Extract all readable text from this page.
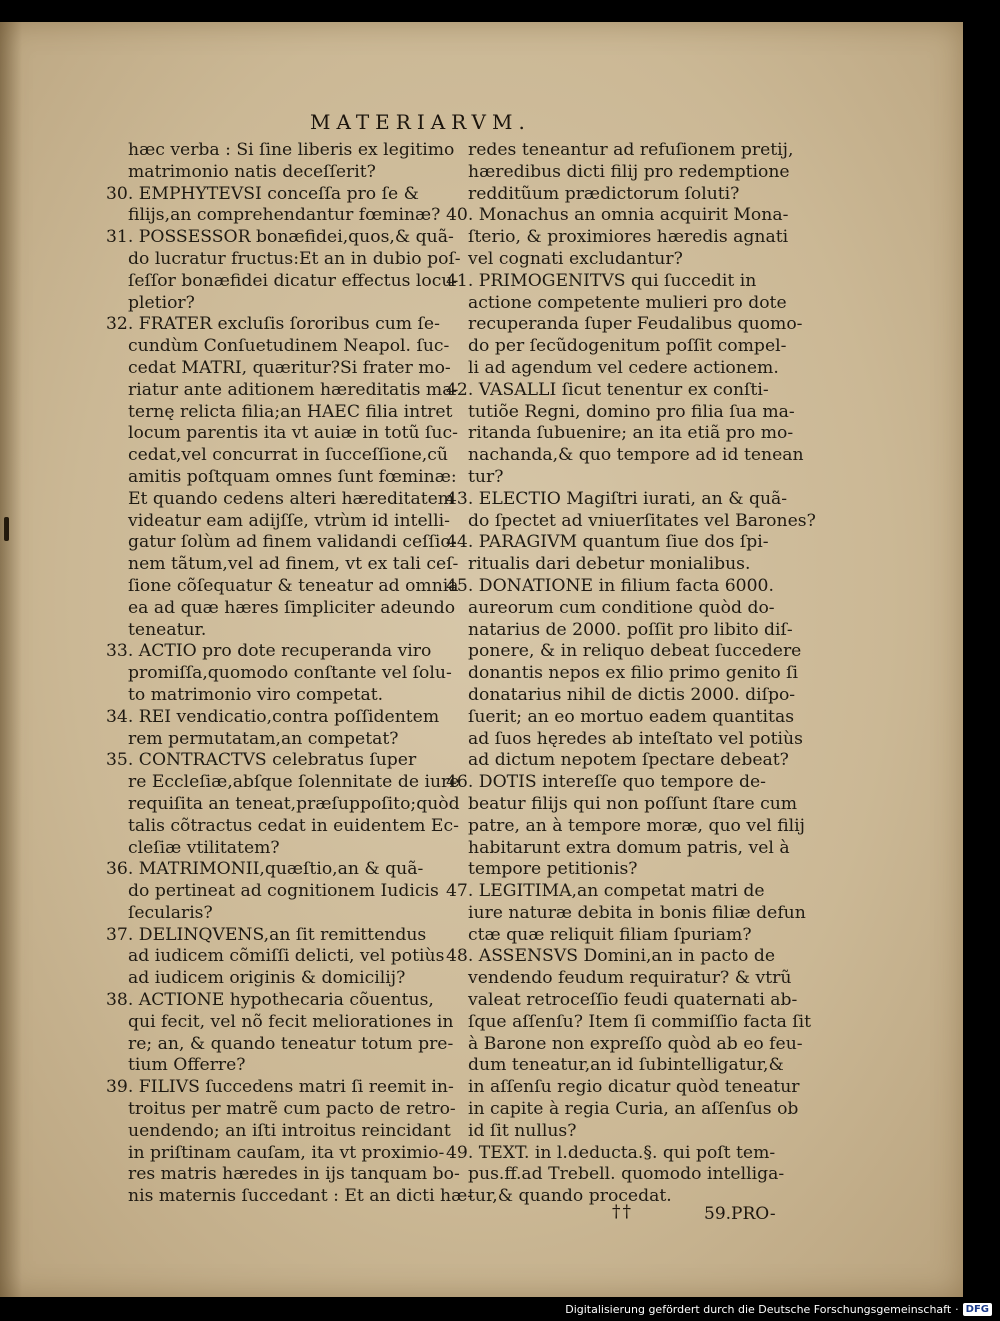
MATERIARVM.
hæc verba : Si ſine liberis ex legitimo
matrimonio natis deceſſerit?
30. EMPHYTEVSI conceſſa pro ſe &
filijs,an comprehendantur fœminæ?
31. POSSESSOR bonæfidei,quos,& quã-
do lucratur fructus:Et an in dubio poſ-
ſeſſor bonæfidei dicatur effectus locu-
pletior?
32. FRATER excluſis ſororibus cum ſe-
cundùm Conſuetudinem Neapol. ſuc-
cedat MATRI, quæritur?Si frater mo-
riatur ante aditionem hæreditatis ma-
ternę relicta filia;an HAEC filia intret
locum parentis ita vt auiæ in totũ ſuc-
cedat,vel concurrat in ſucceſſione,cũ
amitis poſtquam omnes ſunt fœminæ:
Et quando cedens alteri hæreditatem
videatur eam adijſſe, vtrùm id intelli-
gatur ſolùm ad finem validandi ceſſio-
nem tãtum,vel ad finem, vt ex tali ceſ-
ſione cõſequatur & teneatur ad omnia
ea ad quæ hæres ſimpliciter adeundo
teneatur.
33. ACTIO pro dote recuperanda viro
promiſſa,quomodo conſtante vel ſolu-
to matrimonio viro competat.
34. REI vendicatio,contra poſſidentem
rem permutatam,an competat?
35. CONTRACTVS celebratus ſuper
re Eccleſiæ,abſque ſolennitate de iure
requiſita an teneat,præſuppoſito;quòd
talis cõtractus cedat in euidentem Ec-
cleſiæ vtilitatem?
36. MATRIMONII,quæſtio,an & quã-
do pertineat ad cognitionem Iudicis
ſecularis?
37. DELINQVENS,an ſit remittendus
ad iudicem cõmiſſi delicti, vel potiùs
ad iudicem originis & domicilij?
38. ACTIONE hypothecaria cõuentus,
qui fecit, vel nõ fecit meliorationes in
re; an, & quando teneatur totum pre-
tium Offerre?
39. FILIVS ſuccedens matri ſi reemit in-
troitus per matrẽ cum pacto de retro-
uendendo; an iſti introitus reincidant
in priſtinam cauſam, ita vt proximio-
res matris hæredes in ijs tanquam bo-
nis maternis ſuccedant : Et an dicti hæ-
redes teneantur ad refuſionem pretij,
hæredibus dicti filij pro redemptione
redditũum prædictorum ſoluti?
40. Monachus an omnia acquirit Mona-
ſterio, & proximiores hæredis agnati
vel cognati excludantur?
41. PRIMOGENITVS qui ſuccedit in
actione competente mulieri pro dote
recuperanda ſuper Feudalibus quomo-
do per ſecũdogenitum poſſit compel-
li ad agendum vel cedere actionem.
42. VASALLI ſicut tenentur ex conſti-
tutiõe Regni, domino pro filia ſua ma-
ritanda ſubuenire; an ita etiã pro mo-
nachanda,& quo tempore ad id tenean
tur?
43. ELECTIO Magiſtri iurati, an & quã-
do ſpectet ad vniuerſitates vel Barones?
44. PARAGIVM quantum ſiue dos ſpi-
ritualis dari debetur monialibus.
45. DONATIONE in filium facta 6000.
aureorum cum conditione quòd do-
natarius de 2000. poſſit pro libito diſ-
ponere, & in reliquo debeat ſuccedere
donantis nepos ex filio primo genito ſi
donatarius nihil de dictis 2000. diſpo-
ſuerit; an eo mortuo eadem quantitas
ad ſuos hęredes ab inteſtato vel potiùs
ad dictum nepotem ſpectare debeat?
46. DOTIS intereſſe quo tempore de-
beatur filijs qui non poſſunt ſtare cum
patre, an à tempore moræ, quo vel filij
habitarunt extra domum patris, vel à
tempore petitionis?
47. LEGITIMA,an competat matri de
iure naturæ debita in bonis filiæ defun
ctæ quæ reliquit filiam ſpuriam?
48. ASSENSVS Domini,an in pacto de
vendendo feudum requiratur? & vtrũ
valeat retroceſſio feudi quaternati ab-
ſque aſſenſu? Item ſi commiſſio facta ſit
à Barone non expreſſo quòd ab eo feu-
dum teneatur,an id ſubintelligatur,&
in aſſenſu regio dicatur quòd teneatur
in capite à regia Curia, an aſſenſus ob
id ſit nullus?
49. TEXT. in l.deducta.§. qui poſt tem-
pus.ff.ad Trebell. quomodo intelliga-
tur,& quando procedat.
††	59.PRO-
Digitalisierung gefördert durch die Deutsche Forschungsgemeinschaft · DFG
